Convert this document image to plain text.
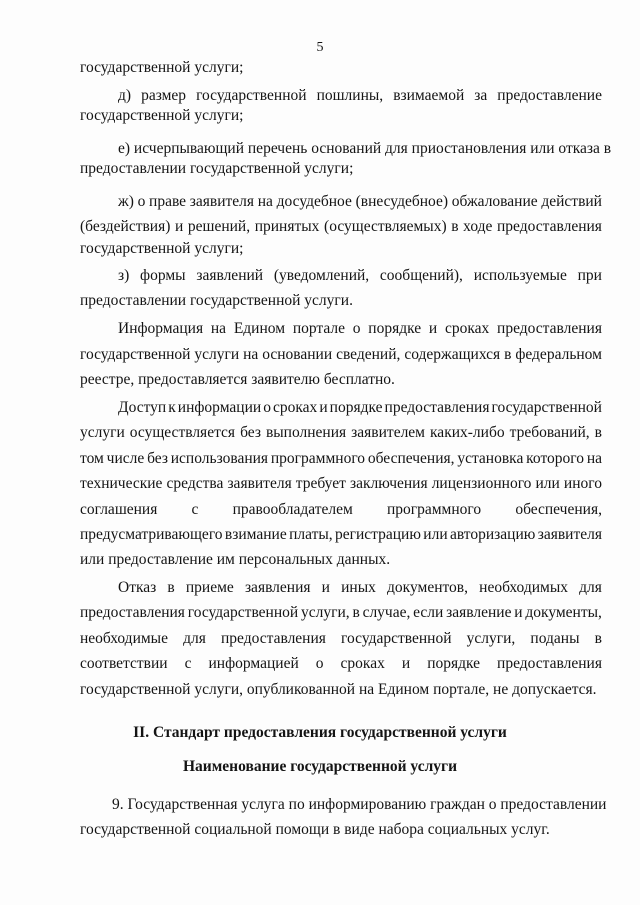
5
государственной услуги;
д) размер государственной пошлины, взимаемой за предоставление
государственной услуги;
е) исчерпывающий перечень оснований для приостановления или отказа в
предоставлении государственной услуги;
ж) о праве заявителя на досудебное (внесудебное) обжалование действий
(бездействия) и решений, принятых (осуществляемых) в ходе предоставления
государственной услуги;
з) формы заявлений (уведомлений, сообщений), используемые при
предоставлении государственной услуги.
Информация на Едином портале о порядке и сроках предоставления
государственной услуги на основании сведений, содержащихся в федеральном
реестре, предоставляется заявителю бесплатно.
Доступ к информации о сроках и порядке предоставления государственной
услуги осуществляется без выполнения заявителем каких-либо требований, в
том числе без использования программного обеспечения, установка которого на
технические средства заявителя требует заключения лицензионного или иного
соглашения с правообладателем программного обеспечения,
предусматривающего взимание платы, регистрацию или авторизацию заявителя
или предоставление им персональных данных.
Отказ в приеме заявления и иных документов, необходимых для
предоставления государственной услуги, в случае, если заявление и документы,
необходимые для предоставления государственной услуги, поданы в
соответствии с информацией о сроках и порядке предоставления
государственной услуги, опубликованной на Едином портале, не допускается.
II. Стандарт предоставления государственной услуги
Наименование государственной услуги
9. Государственная услуга по информированию граждан о предоставлении
государственной социальной помощи в виде набора социальных услуг.
